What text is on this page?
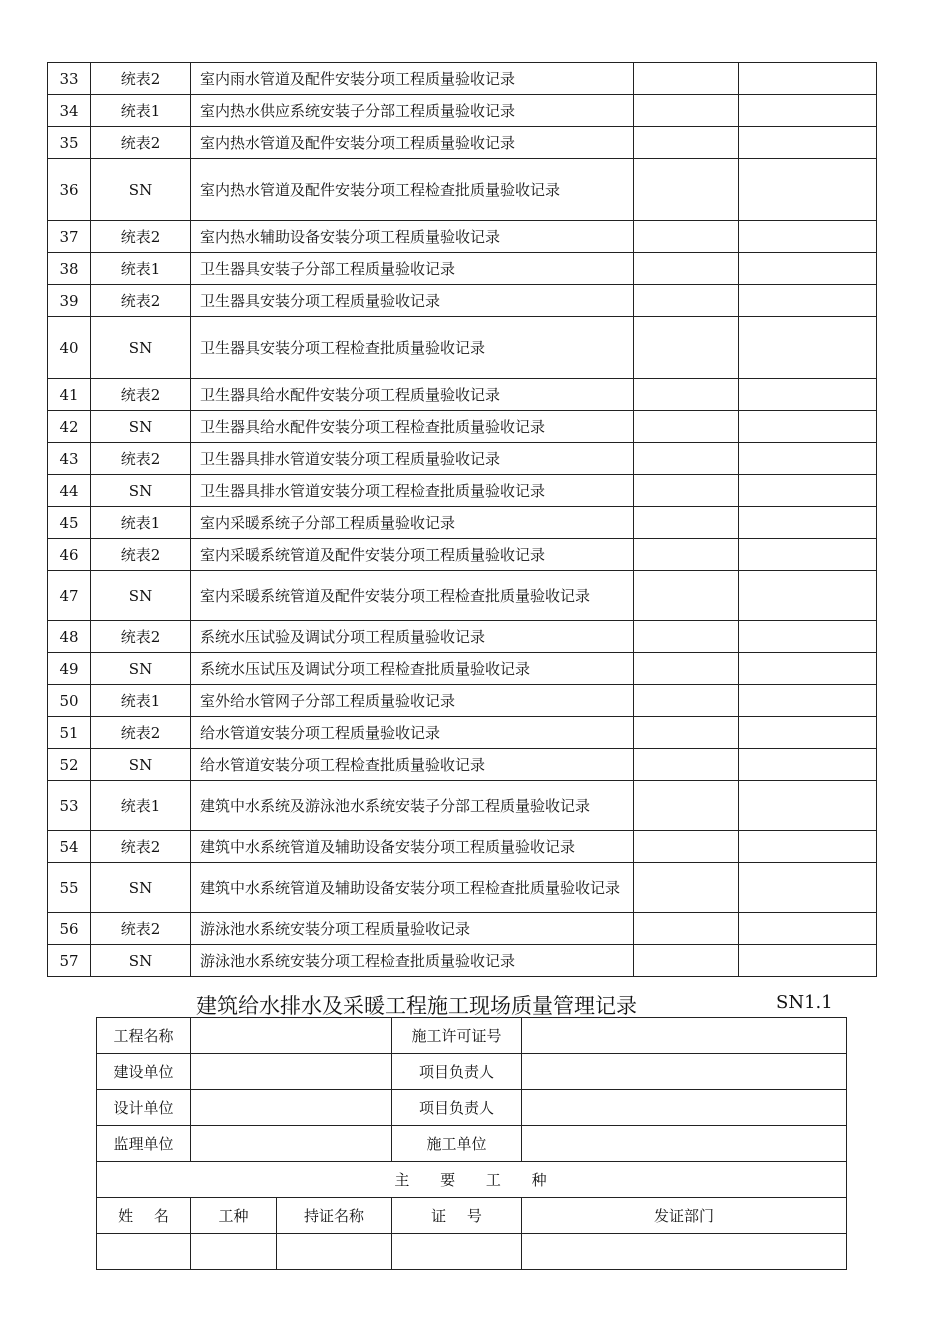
33	统表2	室内雨水管道及配件安装分项工程质量验收记录		
34	统表1	室内热水供应系统安装子分部工程质量验收记录		
35	统表2	室内热水管道及配件安装分项工程质量验收记录		
36	SN	室内热水管道及配件安装分项工程检查批质量验收记录		
37	统表2	室内热水辅助设备安装分项工程质量验收记录		
38	统表1	卫生器具安装子分部工程质量验收记录		
39	统表2	卫生器具安装分项工程质量验收记录		
40	SN	卫生器具安装分项工程检查批质量验收记录		
41	统表2	卫生器具给水配件安装分项工程质量验收记录		
42	SN	卫生器具给水配件安装分项工程检查批质量验收记录		
43	统表2	卫生器具排水管道安装分项工程质量验收记录		
44	SN	卫生器具排水管道安装分项工程检查批质量验收记录		
45	统表1	室内采暖系统子分部工程质量验收记录		
46	统表2	室内采暖系统管道及配件安装分项工程质量验收记录		
47	SN	室内采暖系统管道及配件安装分项工程检查批质量验收记录		
48	统表2	系统水压试验及调试分项工程质量验收记录		
49	SN	系统水压试压及调试分项工程检查批质量验收记录		
50	统表1	室外给水管网子分部工程质量验收记录		
51	统表2	给水管道安装分项工程质量验收记录		
52	SN	给水管道安装分项工程检查批质量验收记录		
53	统表1	建筑中水系统及游泳池水系统安装子分部工程质量验收记录		
54	统表2	建筑中水系统管道及辅助设备安装分项工程质量验收记录		
55	SN	建筑中水系统管道及辅助设备安装分项工程检查批质量验收记录		
56	统表2	游泳池水系统安装分项工程质量验收记录		
57	SN	游泳池水系统安装分项工程检查批质量验收记录		
建筑给水排水及采暖工程施工现场质量管理记录	SN1.1
工程名称			施工许可证号	
建设单位			项目负责人	
设计单位			项目负责人	
监理单位			施工单位	
主 要 工 种				
姓 名	工种	持证名称	证 号	发证部门
